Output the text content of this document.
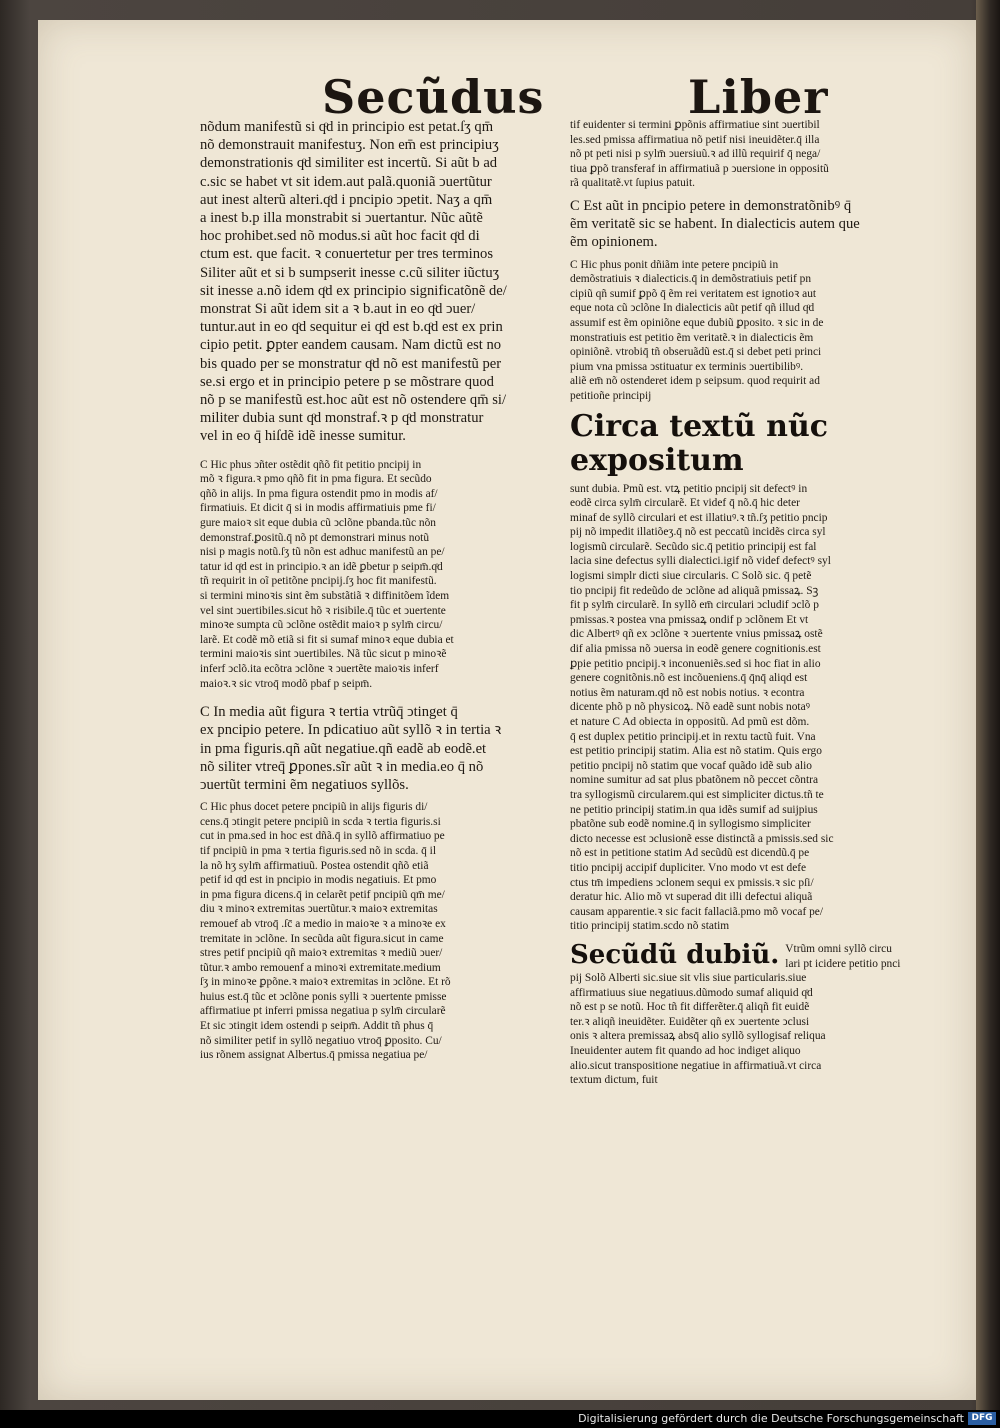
Secũdus	Liber

nõdum manifestũ si qͦd in principio est petat.ſʒ qm̄
nõ demonstrauit manifestuʒ. Non em̄ est principiuʒ
demonstrationis qͦd similiter est incertũ. Si aũt b ad
c.sic se habet vt sit idem.aut palã.quoniã ↄuertũtur
aut inest alterũ alteri.qͦd i pncipio ↄpetit. Naʒ a qm̄
a inest b.p illa monstrabit si ↄuertantur. Nũc aũtẽ
hoc prohibet.sed nõ modus.si aũt hoc facit qͦd di
ctum est. que facit. ꝛ conuertetur per tres terminos
Siliter aũt et si b sumpserit inesse c.cũ siliter iũctuʒ
sit inesse a.nõ idem qͦd ex principio significatõnẽ de/
monstrat Si aũt idem sit a ꝛ b.aut in eo qͦd ↄuer/
tuntur.aut in eo qͦd sequitur ei qͦd est b.qͦd est ex prin
cipio petit. ꝑpter eandem causam. Nam dictũ est no
bis quado per se monstratur qͦd nõ est manifestũ per
se.si ergo et in principio petere p se mõstrare quod
nõ p se manifestũ est.hoc aũt est nõ ostendere qm̄ si/
militer dubia sunt qͦd monstraf.ꝛ p qͦd monstratur
vel in eo q̄ hiſdẽ idẽ inesse sumitur.

C Hic phus ↄñter ostẽdit qñõ fit petitio pncipij in
mõ ꝛ figura.ꝛ pmo qñõ fit in pma figura. Et secũdo
qñõ in alijs. In pma figura ostendit pmo in modis af/
firmatiuis. Et dicit q̄ si in modis affirmatiuis pme fi/
gure maioꝛ sit eque dubia cũ ↄclõne pbanda.tũc nõn
demonstraf.ꝑositũ.q̄ nõ pt demonstrari minus notũ
nisi p magis notũ.ſʒ tũ nõn est adhuc manifestũ an pe/
tatur id qͦd est in principio.ꝛ an idẽ ꝑbetur p seipm̄.qͦd
tñ requirit in oĩ petitõne pncipij.ſʒ hoc fit manifestũ.
si termini minoꝛis sint ẽm substãtiã ꝛ diffinitõem ĩdem
vel sint ↄuertibiles.sicut hõ ꝛ risibile.q̄ tũc et ↄuertente
minoꝛe sumpta cũ ↄclõne ostẽdit maioꝛ p sylm̄ circu/
larẽ. Et codẽ mõ etiã si fit si sumaf minoꝛ eque dubia et
termini maioꝛis sint ↄuertibiles. Nã tũc sicut p minoꝛẽ
inferf ↄclõ.ita ecõtra ↄclõne ꝛ ↄuertẽte maioꝛis inferf
maioꝛ.ꝛ sic vtroq̄ modõ pbaf p seipm̄.

C In media aũt figura ꝛ tertia vtrũq̄ ↄtinget q̄
ex pncipio petere. In pdicatiuo aũt syllõ ꝛ in tertia ꝛ
in pma figuris.qñ aũt negatiue.qñ eadẽ ab eodẽ.et
nõ siliter vtreq̄ ꝑpones.sĩr aũt ꝛ in media.eo q̄ nõ
ↄuertũt termini ẽm negatiuos syllõs.

C Hic phus docet petere pncipiũ in alijs figuris di/
cens.q̄ ↄtingit petere pncipiũ in scda ꝛ tertia figuris.si
cut in pma.sed in hoc est dñã.q̄ in syllõ affirmatiuo pe
tif pncipiũ in pma ꝛ tertia figuris.sed nõ in scda. q̄ il
la nõ hʒ sylm̄ affirmatiuũ. Postea ostendit qñõ etiã
petif id qͦd est in pncipio in modis negatiuis. Et pmo
in pma figura dicens.q̄ in celarẽt petif pncipiũ qm̄ me/
diu ꝛ minoꝛ extremitas ↄuertũtur.ꝛ maioꝛ extremitas
remouef ab vtroq̄ .ſc̄ a medio in maioꝛe ꝛ a minoꝛe ex
tremitate in ↄclõne. In secũda aũt figura.sicut in came
stres petif pncipiũ qñ maioꝛ extremitas ꝛ mediũ ↄuer/
tũtur.ꝛ ambo remouenf a minoꝛi extremitate.medium
ſʒ in minoꝛe ꝑpõne.ꝛ maioꝛ extremitas in ↄclõne. Et rõ
huius est.q̄ tũc et ↄclõne ponis sylli ꝛ ↄuertente pmisse
affirmatiue pt inferri pmissa negatiua p sylm̄ circularẽ
Et sic ↄtingit idem ostendi p seipm̄. Addit tñ phus q̄
nõ similiter petif in syllõ negatiuo vtroq̄ ꝑposito. Cu/
ius rõnem assignat Albertus.q̄ pmissa negatiua pe/

tif euidenter si termini ꝑpõnis affirmatiue sint ↄuertibil
les.sed pmissa affirmatiua nõ petif nisi ineuidẽter.q̄ illa
nõ pt peti nisi p sylm̄ ↄuersiuũ.ꝛ ad illũ requirif q̄ nega/
tiua ꝑpõ transferaf in affirmatiuã p ↄuersione in oppositũ
rã qualitatẽ.vt ſupius patuit.

C Est aũt in pncipio petere in demonstratõnibꝰ q̄
ẽm veritatẽ sic se habent. In dialecticis autem que
ẽm opinionem.

C Hic phus ponit dñiãm inte petere pncipiũ in
demõstratiuis ꝛ dialecticis.q̄ in demõstratiuis petif pn
cipiũ qñ sumif ꝑpõ q̄ ẽm rei veritatem est ignotioꝛ aut
eque nota cũ ↄclõne In dialecticis aũt petif qñ illud qͦd
assumif est ẽm opiniõne eque dubiũ ꝑposito. ꝛ sic in de
monstratiuis est petitio ẽm veritatẽ.ꝛ in dialecticis ẽm
opiniõnẽ. vtrobiq̄ tñ obseruãdũ est.q̄ si debet peti princi
pium vna pmissa ↄstituatur ex terminis ↄuertibilibꝰ.
aliẽ em̄ nõ ostenderet idem p seipsum. quod requirit ad
petitioñe principij

Circa textũ nũc expositum

sunt dubia. Pmũ est. vtꝝ petitio pncipij sit defectꝰ in
eodẽ circa sylm̄ circularẽ. Et videf q̄ nõ.q̄ hic deter
minaf de syllõ circulari et est illatiuꝰ.ꝛ tñ.ſʒ petitio pncip
pij nõ impedit illatiõeʒ.q̄ nõ est peccatũ incidẽs circa syl
logismũ circularẽ. Secũdo sic.q̄ petitio principij est fal
lacia sine defectus sylli dialectici.igif nõ videf defectꝰ syl
logismi simplr dicti siue circularis. C Solõ sic. q̄ petẽ
tio pncipij fit redeũdo de ↄclõne ad aliquã pmissaꝝ. Sꝫ
fit p sylm̄ circularẽ. In syllõ em̄ circulari ↄcludif ↄclõ p
pmissas.ꝛ postea vna pmissaꝝ ondif p ↄclõnem Et vt
dic Albertꝰ qñ ex ↄclõne ꝛ ↄuertente vnius pmissaꝝ ostẽ
dif alia pmissa nõ ↄuersa in eodẽ genere cognitionis.est
ꝑpie petitio pncipij.ꝛ inconueniẽs.sed si hoc fiat in alio
genere cognitõnis.nõ est incõueniens.q̄ q̄nq̄ aliqd est
notius ẽm naturam.qͦd nõ est nobis notius. ꝛ econtra
dicente phõ p nõ physicoꝝ. Nõ eadẽ sunt nobis notaꝰ
et nature C Ad obiecta in oppositũ. Ad pmũ est dõm.
q̄ est duplex petitio principij.et in rextu tactũ fuit. Vna
est petitio principij statim. Alia est nõ statim. Quis ergo
petitio pncipij nõ statim que vocaf quãdo idẽ sub alio
nomine sumitur ad sat plus pbatõnem nõ peccet cõntra
tra syllogismũ circularem.qui est simpliciter dictus.tñ te
ne petitio principij statim.in qua idẽs sumif ad suijpius
pbatõne sub eodẽ nomine.q̄ in syllogismo simpliciter
dicto necesse est ↄclusionẽ esse distinctã a pmissis.sed sic
nõ est in petitione statim Ad secũdũ est dicendũ.q̄ pe
titio pncipij accipif dupliciter. Vno modo vt est defe
ctus tm̄ impediens ↄclonem sequi ex pmissis.ꝛ sic pſi/
deratur hic. Alio mõ vt superad dit illi defectui aliquã
causam apparentie.ꝛ sic facit fallaciã.pmo mõ vocaf pe/
titio principij statim.scdo nõ statim

Secũdũ dubiũ. Vtrũm omni syllõ circu
lari pt icidere petitio pnci

pij Solõ Alberti sic.siue sit vlis siue particularis.siue
affirmatiuus siue negatiuus.dũmodo sumaf aliquid qͦd
nõ est p se notũ. Hoc tñ fit differẽter.q̄ aliqñ fit euidẽ
ter.ꝛ aliqñ ineuidẽter. Euidẽter qñ ex ↄuertente ↄclusi
onis ꝛ altera premissaꝝ absq̄ alio syllõ syllogisaf reliqua
Ineuidenter autem fit quando ad hoc indiget aliquo
alio.sicut transpositione negatiue in affirmatiuã.vt circa
textum dictum, fuit

Digitalisierung gefördert durch die Deutsche Forschungsgemeinschaft DFG
